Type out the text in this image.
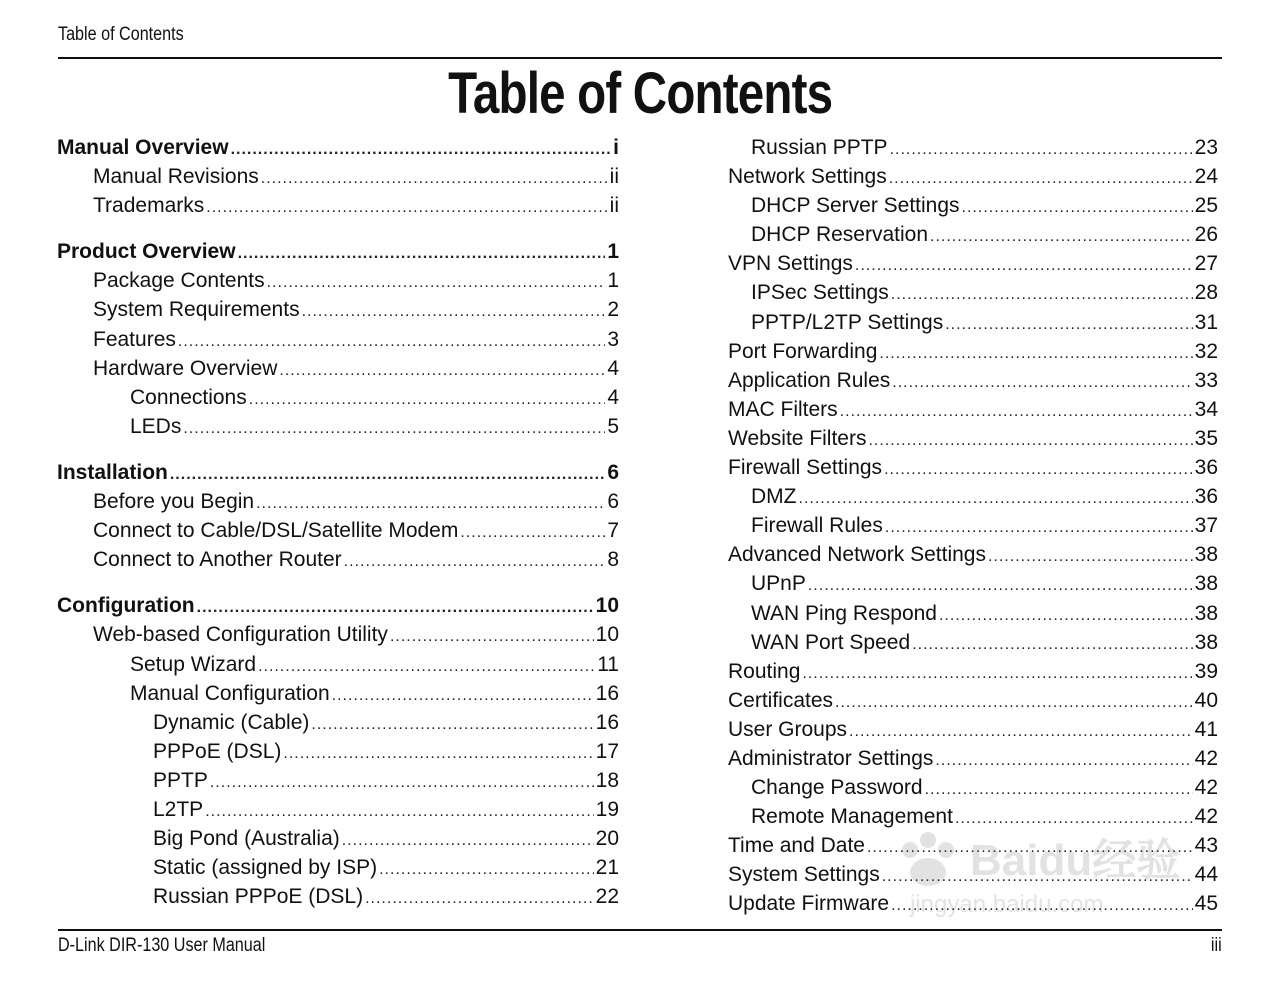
Table of Contents
Table of Contents
Manual Overview .....	i
Manual Revisions .....	ii
Trademarks .....	ii
Product Overview .....	1
Package Contents .....	1
System Requirements .....	2
Features .....	3
Hardware Overview .....	4
Connections .....	4
LEDs .....	5
Installation .....	6
Before you Begin .....	6
Connect to Cable/DSL/Satellite Modem .....	7
Connect to Another Router .....	8
Configuration .....	10
Web-based Configuration Utility .....	10
Setup Wizard .....	11
Manual Configuration .....	16
Dynamic (Cable) .....	16
PPPoE (DSL) .....	17
PPTP .....	18
L2TP .....	19
Big Pond (Australia) .....	20
Static (assigned by ISP) .....	21
Russian PPPoE (DSL) .....	22
Russian PPTP .....	23
Network Settings .....	24
DHCP Server Settings .....	25
DHCP Reservation .....	26
VPN Settings .....	27
IPSec Settings .....	28
PPTP/L2TP Settings .....	31
Port Forwarding .....	32
Application Rules .....	33
MAC Filters .....	34
Website Filters .....	35
Firewall Settings .....	36
DMZ .....	36
Firewall Rules .....	37
Advanced Network Settings .....	38
UPnP .....	38
WAN Ping Respond .....	38
WAN Port Speed .....	38
Routing .....	39
Certificates .....	40
User Groups .....	41
Administrator Settings .....	42
Change Password .....	42
Remote Management .....	42
Time and Date .....	43
System Settings .....	44
Update Firmware .....	45
Baidu经验
jingyan.baidu.com
D-Link DIR-130 User Manual	iii
